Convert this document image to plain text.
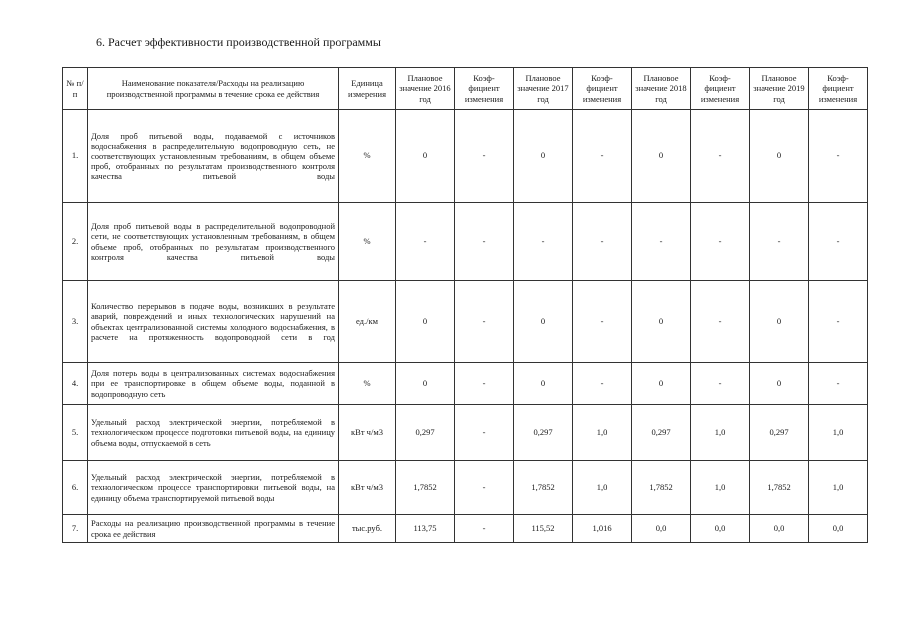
6. Расчет эффективности производственной программы
№ п/п	Наименование показателя/Расходы на реализацию производственной программы в течение срока ее действия	Единица измерения	Плановое значение 2016 год	Коэф- фициент изменения	Плановое значение 2017 год	Коэф- фициент изменения	Плановое значение 2018 год	Коэф- фициент изменения	Плановое значение 2019 год	Коэф- фициент изменения
1.	Доля проб питьевой воды, подаваемой с источников водоснабжения в распределительную водопроводную сеть, не соответствующих установленным требованиям, в общем объеме проб, отобранных по результатам производственного контроля качества питьевой воды	%	0	-	0	-	0	-	0	-
2.	Доля проб питьевой воды в распределительной водопроводной сети, не соответствующих установленным требованиям, в общем объеме проб, отобранных по результатам производственного контроля качества питьевой воды	%	-	-	-	-	-	-	-	-
3.	Количество перерывов в подаче воды, возникших в результате аварий, повреждений и иных технологических нарушений на объектах централизованной системы холодного водоснабжения, в расчете на протяженность водопроводной сети в год	ед./км	0	-	0	-	0	-	0	-
4.	Доля потерь воды в централизованных системах водоснабжения при ее транспортировке в общем объеме воды, поданной в водопроводную сеть	%	0	-	0	-	0	-	0	-
5.	Удельный расход электрической энергии, потребляемой в технологическом процессе подготовки питьевой воды, на единицу объема воды, отпускаемой в сеть	кВт ч/м3	0,297	-	0,297	1,0	0,297	1,0	0,297	1,0
6.	Удельный расход электрической энергии, потребляемой в технологическом процессе транспортировки питьевой воды, на единицу объема транспортируемой питьевой воды	кВт ч/м3	1,7852	-	1,7852	1,0	1,7852	1,0	1,7852	1,0
7.	Расходы на реализацию производственной программы в течение срока ее действия	тыс.руб.	113,75	-	115,52	1,016	0,0	0,0	0,0	0,0
